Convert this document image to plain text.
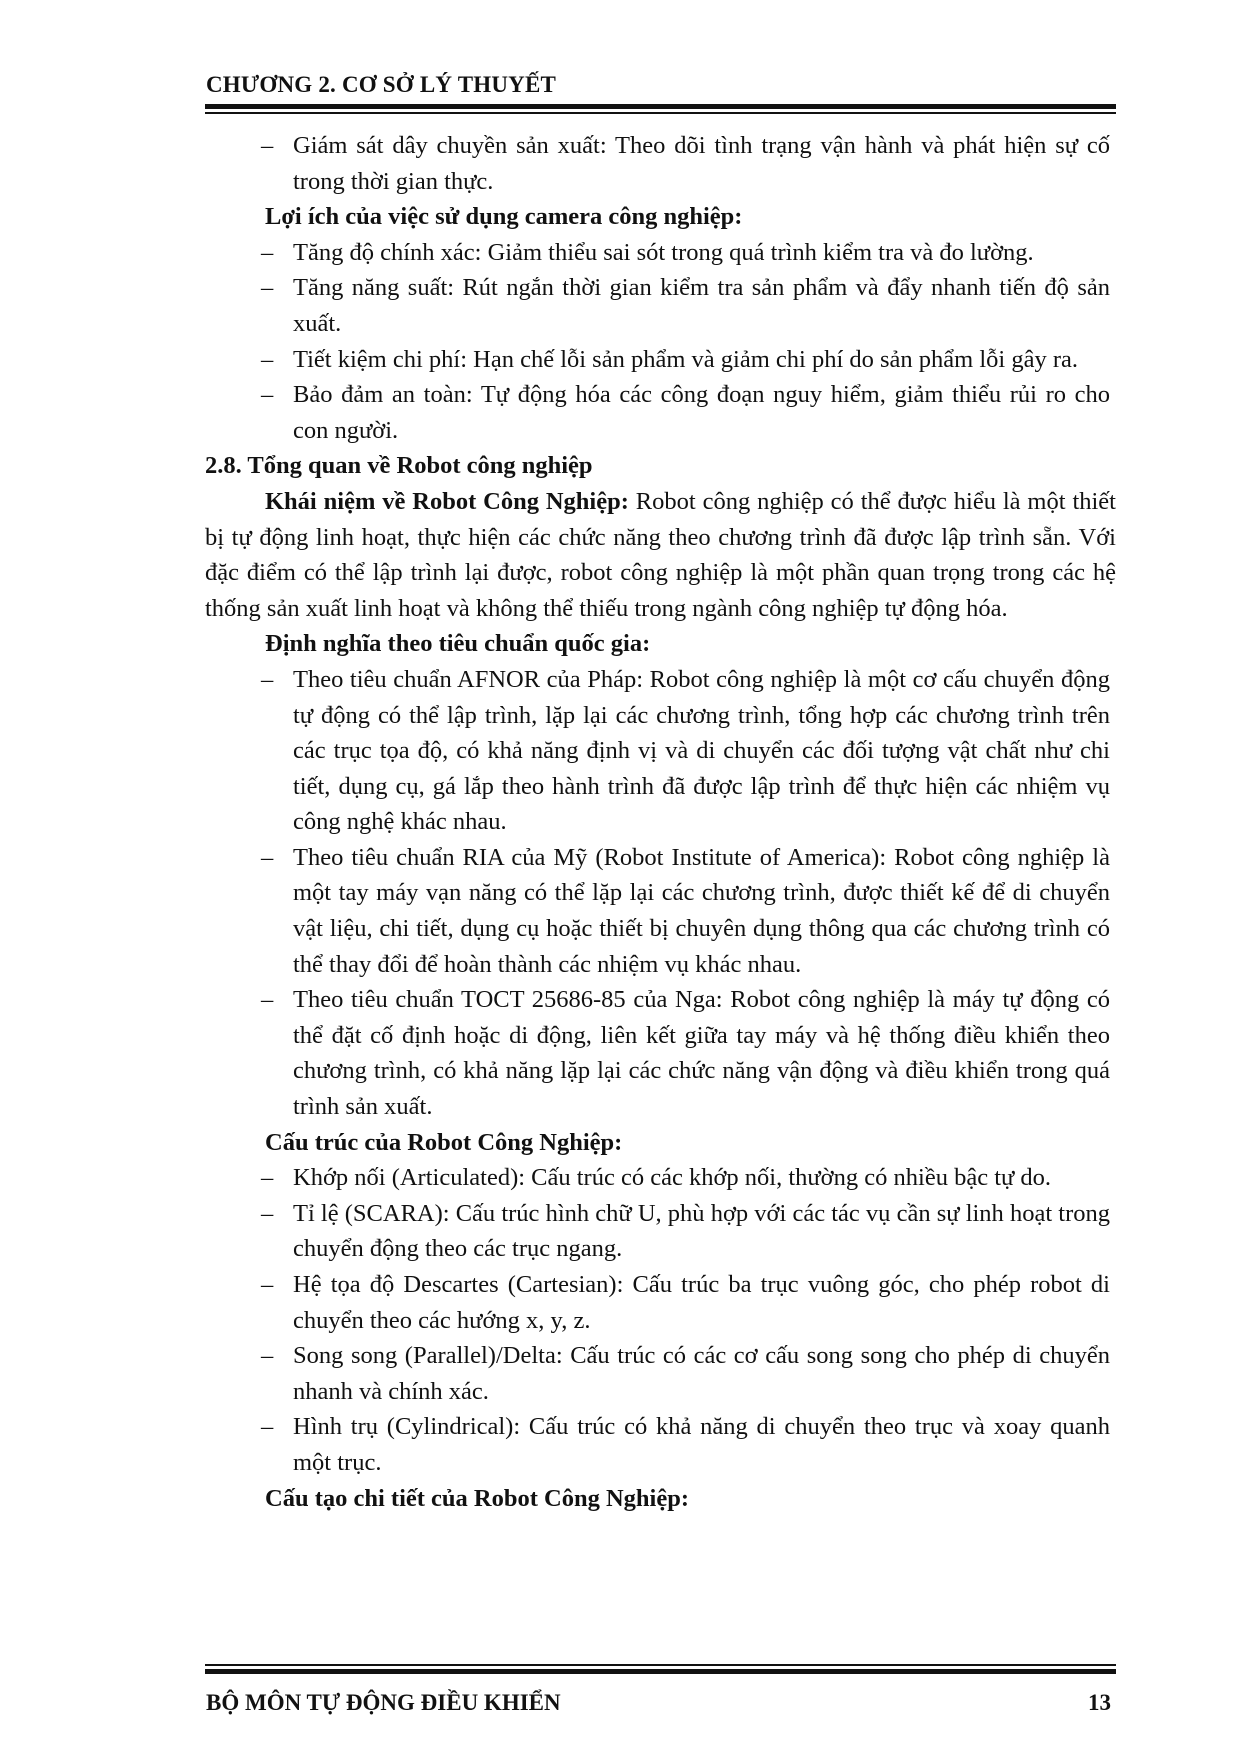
CHƯƠNG 2. CƠ SỞ LÝ THUYẾT

– Giám sát dây chuyền sản xuất: Theo dõi tình trạng vận hành và phát hiện sự cố trong thời gian thực.

Lợi ích của việc sử dụng camera công nghiệp:

– Tăng độ chính xác: Giảm thiểu sai sót trong quá trình kiểm tra và đo lường.

– Tăng năng suất: Rút ngắn thời gian kiểm tra sản phẩm và đẩy nhanh tiến độ sản xuất.

– Tiết kiệm chi phí: Hạn chế lỗi sản phẩm và giảm chi phí do sản phẩm lỗi gây ra.

– Bảo đảm an toàn: Tự động hóa các công đoạn nguy hiểm, giảm thiểu rủi ro cho con người.

2.8. Tổng quan về Robot công nghiệp

Khái niệm về Robot Công Nghiệp: Robot công nghiệp có thể được hiểu là một thiết bị tự động linh hoạt, thực hiện các chức năng theo chương trình đã được lập trình sẵn. Với đặc điểm có thể lập trình lại được, robot công nghiệp là một phần quan trọng trong các hệ thống sản xuất linh hoạt và không thể thiếu trong ngành công nghiệp tự động hóa.

Định nghĩa theo tiêu chuẩn quốc gia:

– Theo tiêu chuẩn AFNOR của Pháp: Robot công nghiệp là một cơ cấu chuyển động tự động có thể lập trình, lặp lại các chương trình, tổng hợp các chương trình trên các trục tọa độ, có khả năng định vị và di chuyển các đối tượng vật chất như chi tiết, dụng cụ, gá lắp theo hành trình đã được lập trình để thực hiện các nhiệm vụ công nghệ khác nhau.

– Theo tiêu chuẩn RIA của Mỹ (Robot Institute of America): Robot công nghiệp là một tay máy vạn năng có thể lặp lại các chương trình, được thiết kế để di chuyển vật liệu, chi tiết, dụng cụ hoặc thiết bị chuyên dụng thông qua các chương trình có thể thay đổi để hoàn thành các nhiệm vụ khác nhau.

– Theo tiêu chuẩn TOCT 25686-85 của Nga: Robot công nghiệp là máy tự động có thể đặt cố định hoặc di động, liên kết giữa tay máy và hệ thống điều khiển theo chương trình, có khả năng lặp lại các chức năng vận động và điều khiển trong quá trình sản xuất.

Cấu trúc của Robot Công Nghiệp:

– Khớp nối (Articulated): Cấu trúc có các khớp nối, thường có nhiều bậc tự do.

– Tỉ lệ (SCARA): Cấu trúc hình chữ U, phù hợp với các tác vụ cần sự linh hoạt trong chuyển động theo các trục ngang.

– Hệ tọa độ Descartes (Cartesian): Cấu trúc ba trục vuông góc, cho phép robot di chuyển theo các hướng x, y, z.

– Song song (Parallel)/Delta: Cấu trúc có các cơ cấu song song cho phép di chuyển nhanh và chính xác.

– Hình trụ (Cylindrical): Cấu trúc có khả năng di chuyển theo trục và xoay quanh một trục.

Cấu tạo chi tiết của Robot Công Nghiệp:

BỘ MÔN TỰ ĐỘNG ĐIỀU KHIỂN	13
